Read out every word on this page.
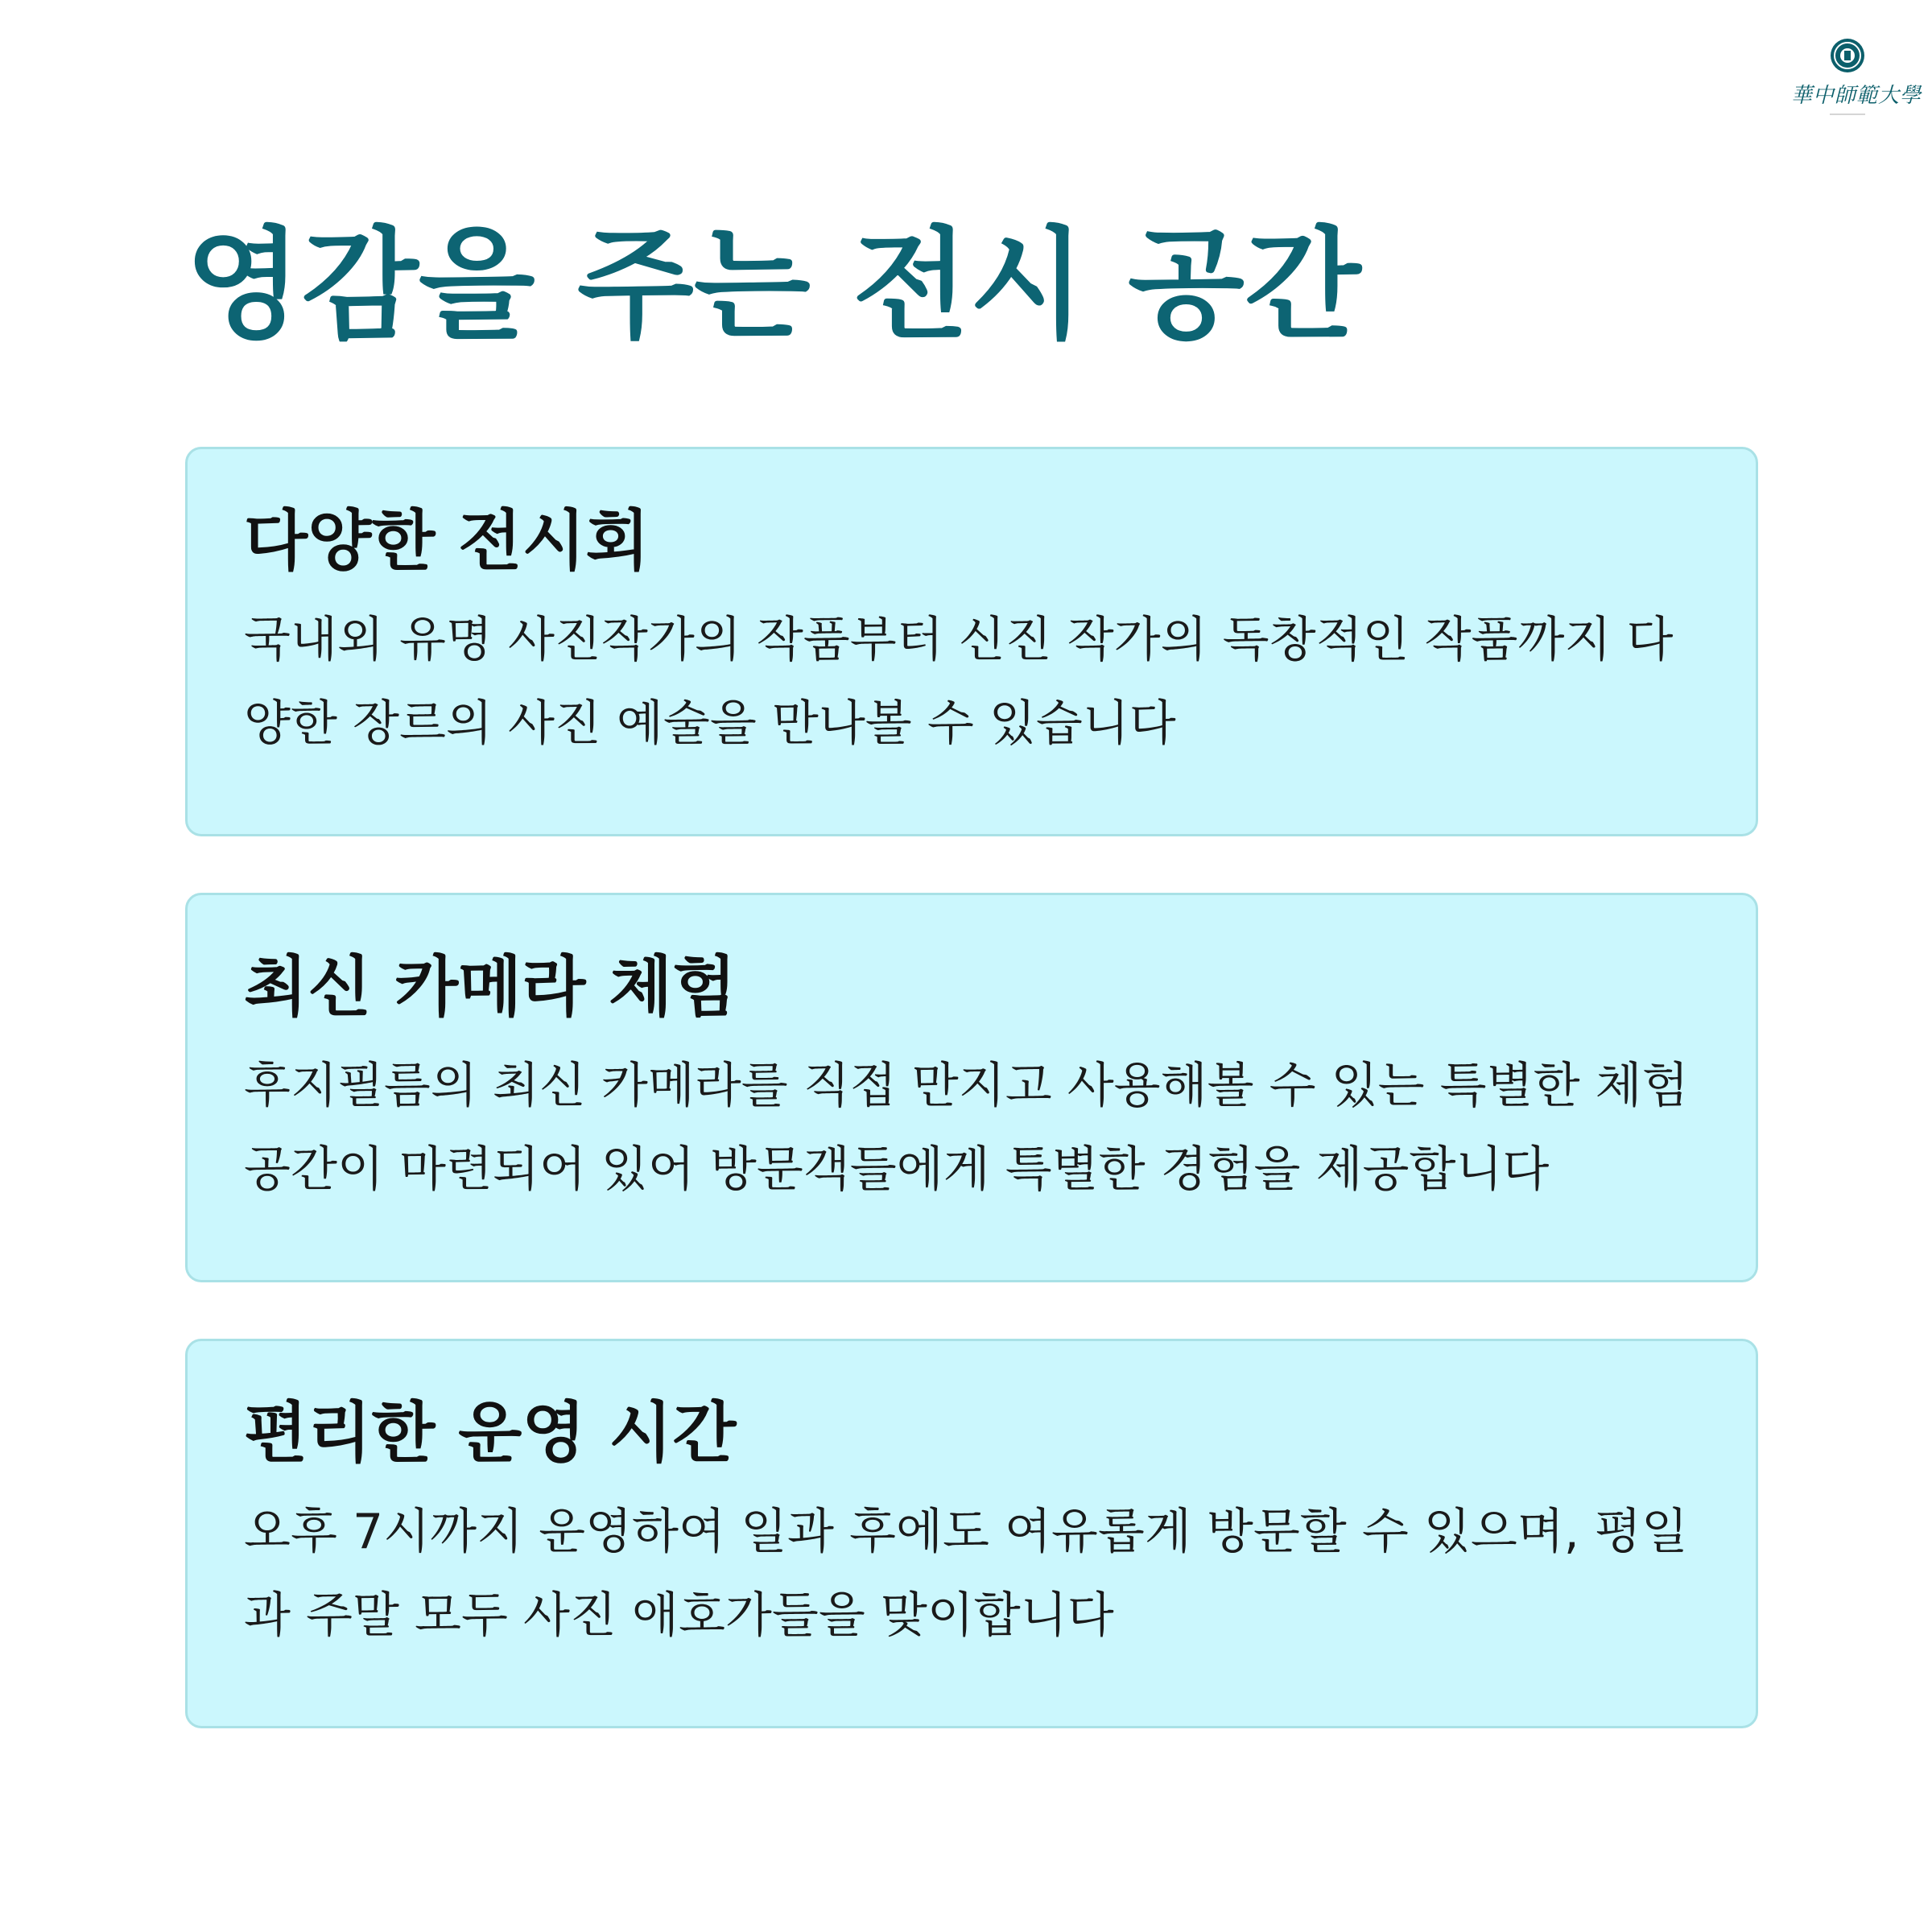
華中師範大學
영감을 주는 전시 공간
다양한 전시회

국내외 유명 사진작가의 작품부터 신진 작가의 독창적인 작품까지 다양한 장르의 사진 예술을 만나볼 수 있습니다

최신 카메라 체험

후지필름의 최신 카메라를 직접 만지고 사용해볼 수 있는 특별한 체험 공간이 마련되어 있어 방문객들에게 특별한 경험을 제공합니다

편리한 운영 시간

오후 7시까지 운영하여 일과 후에도 여유롭게 방문할 수 있으며, 평일과 주말 모두 사진 애호가들을 맞이합니다
